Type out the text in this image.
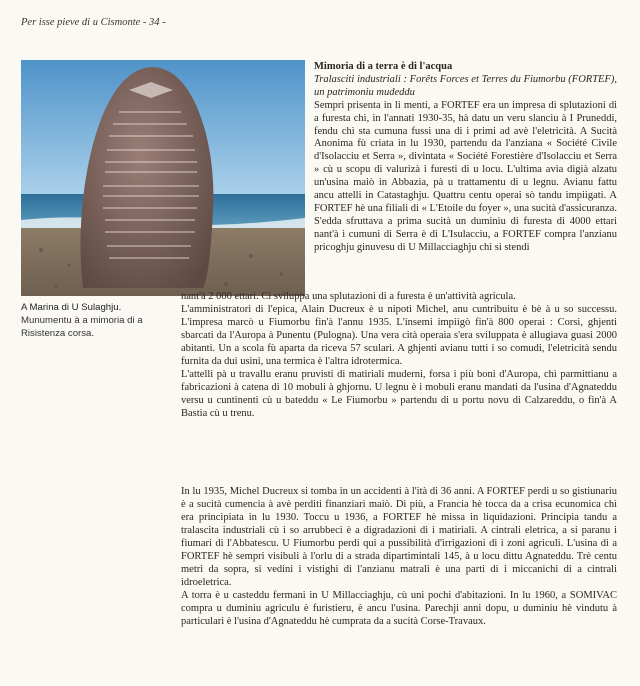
Per isse pieve di u Cismonte - 34 -
A Marina di U Sulaghju.
Munumentu à a mimoria di a Risistenza corsa.
Mimoria di a terra è di l'acqua
Tralasciti industriali : Forêts Forces et Terres du Fiumorbu (FORTEF), un patrimoniu mudeddu

Sempri prisenta in li menti, a FORTEF era un impresa di splutazioni di a furesta chì, in l'annati 1930-35, hà datu un veru slanciu à I Pruneddi, fendu chì sta cumuna fussi una di i primi ad avè l'eletricità. A Sucità Anonima fù criata in lu 1930, partendu da l'anziana « Société Civile d'Isolacciu et Serra », divintata « Société Forestière d'Isolacciu et Serra » cù u scopu di valurizà i furesti di u locu. L'ultima avia digià alzatu un'usina maiò in Abbazia, pà u trattamentu di u legnu. Avianu fattu ancu attelli in Catastaghju. Quattru centu operai sò tandu impiigati. A FORTEF hè una filiali di « L'Etoile du foyer », una sucità d'assicuranza. S'edda sfruttava a prima sucità un duminiu di furesta di 4000 ettari nant'à i cumuni di Serra è di L'Isulacciu, a FORTEF compra l'anzianu pricoghju ginuvesu di U Millacciaghju chì si stendi

nant'à 2 000 ettari. Ci sviluppa una splutazioni di a furesta è un'attività agricula.

L'amministratori di l'epica, Alain Ducreux è u nipoti Michel, anu cuntribuitu è bè à u so successu. L'impresa marcò u Fiumorbu fin'à l'annu 1935. L'insemi impiigò fin'à 800 operai : Corsi, ghjenti sbarcati da l'Auropa à Punentu (Pulogna). Una vera cità operaia s'era sviluppata è allugiava guasi 2000 abitanti. Un a scola fù aparta da riceva 57 sculari. A ghjenti avianu tutti i so comudi, l'eletricità sendu furnita da dui usini, una termica è l'altra idrotermica.

L'attelli pà u travallu eranu pruvisti di matiriali muderni, forsa i più boni d'Auropa, chì parmittianu a fabricazioni à catena di 10 mobuli à ghjornu. U legnu è i mobuli eranu mandati da l'usina d'Agnateddu versu u cuntinenti cù u bateddu « Le Fiumorbu » partendu di u portu novu di Calzareddu, o fin'à A Bastia cù u trenu.

In lu 1935, Michel Ducreux si tomba in un accidenti à l'ità di 36 anni. A FORTEF perdi u so gistiunariu è a sucità cumencia à avè perditi finanziari maiò. Di più, a Francia hè tocca da a crisa ecunomica chì era principiata in lu 1930. Toccu u 1936, a FORTEF hè missa in liquidazioni. Principia tandu a tralascita industriali cù i so arrubbeci è a digradazioni di i matiriali. A cintrali eletrica, a si paranu i fiumari di l'Abbatescu. U Fiumorbu perdi qui a pussibilità d'irrigazioni di i zoni agriculi. L'usina di a FORTEF hè sempri visibuli à l'orlu di a strada dipartimintali 145, à u locu dittu Agnateddu. Trè centu metri da sopra, si vedini i vistighi di l'anzianu matrali è una parti di i miccanichi di a cintrali idroeletrica.

A torra è u casteddu fermani in U Millacciaghju, cù uni pochi d'abitazioni. In lu 1960, a SOMIVAC compra u duminiu agriculu è furistieru, è ancu l'usina. Parechji anni dopu, u duminiu hè vindutu à particulari è l'usina d'Agnateddu hè cumprata da a sucità Corse-Travaux.
